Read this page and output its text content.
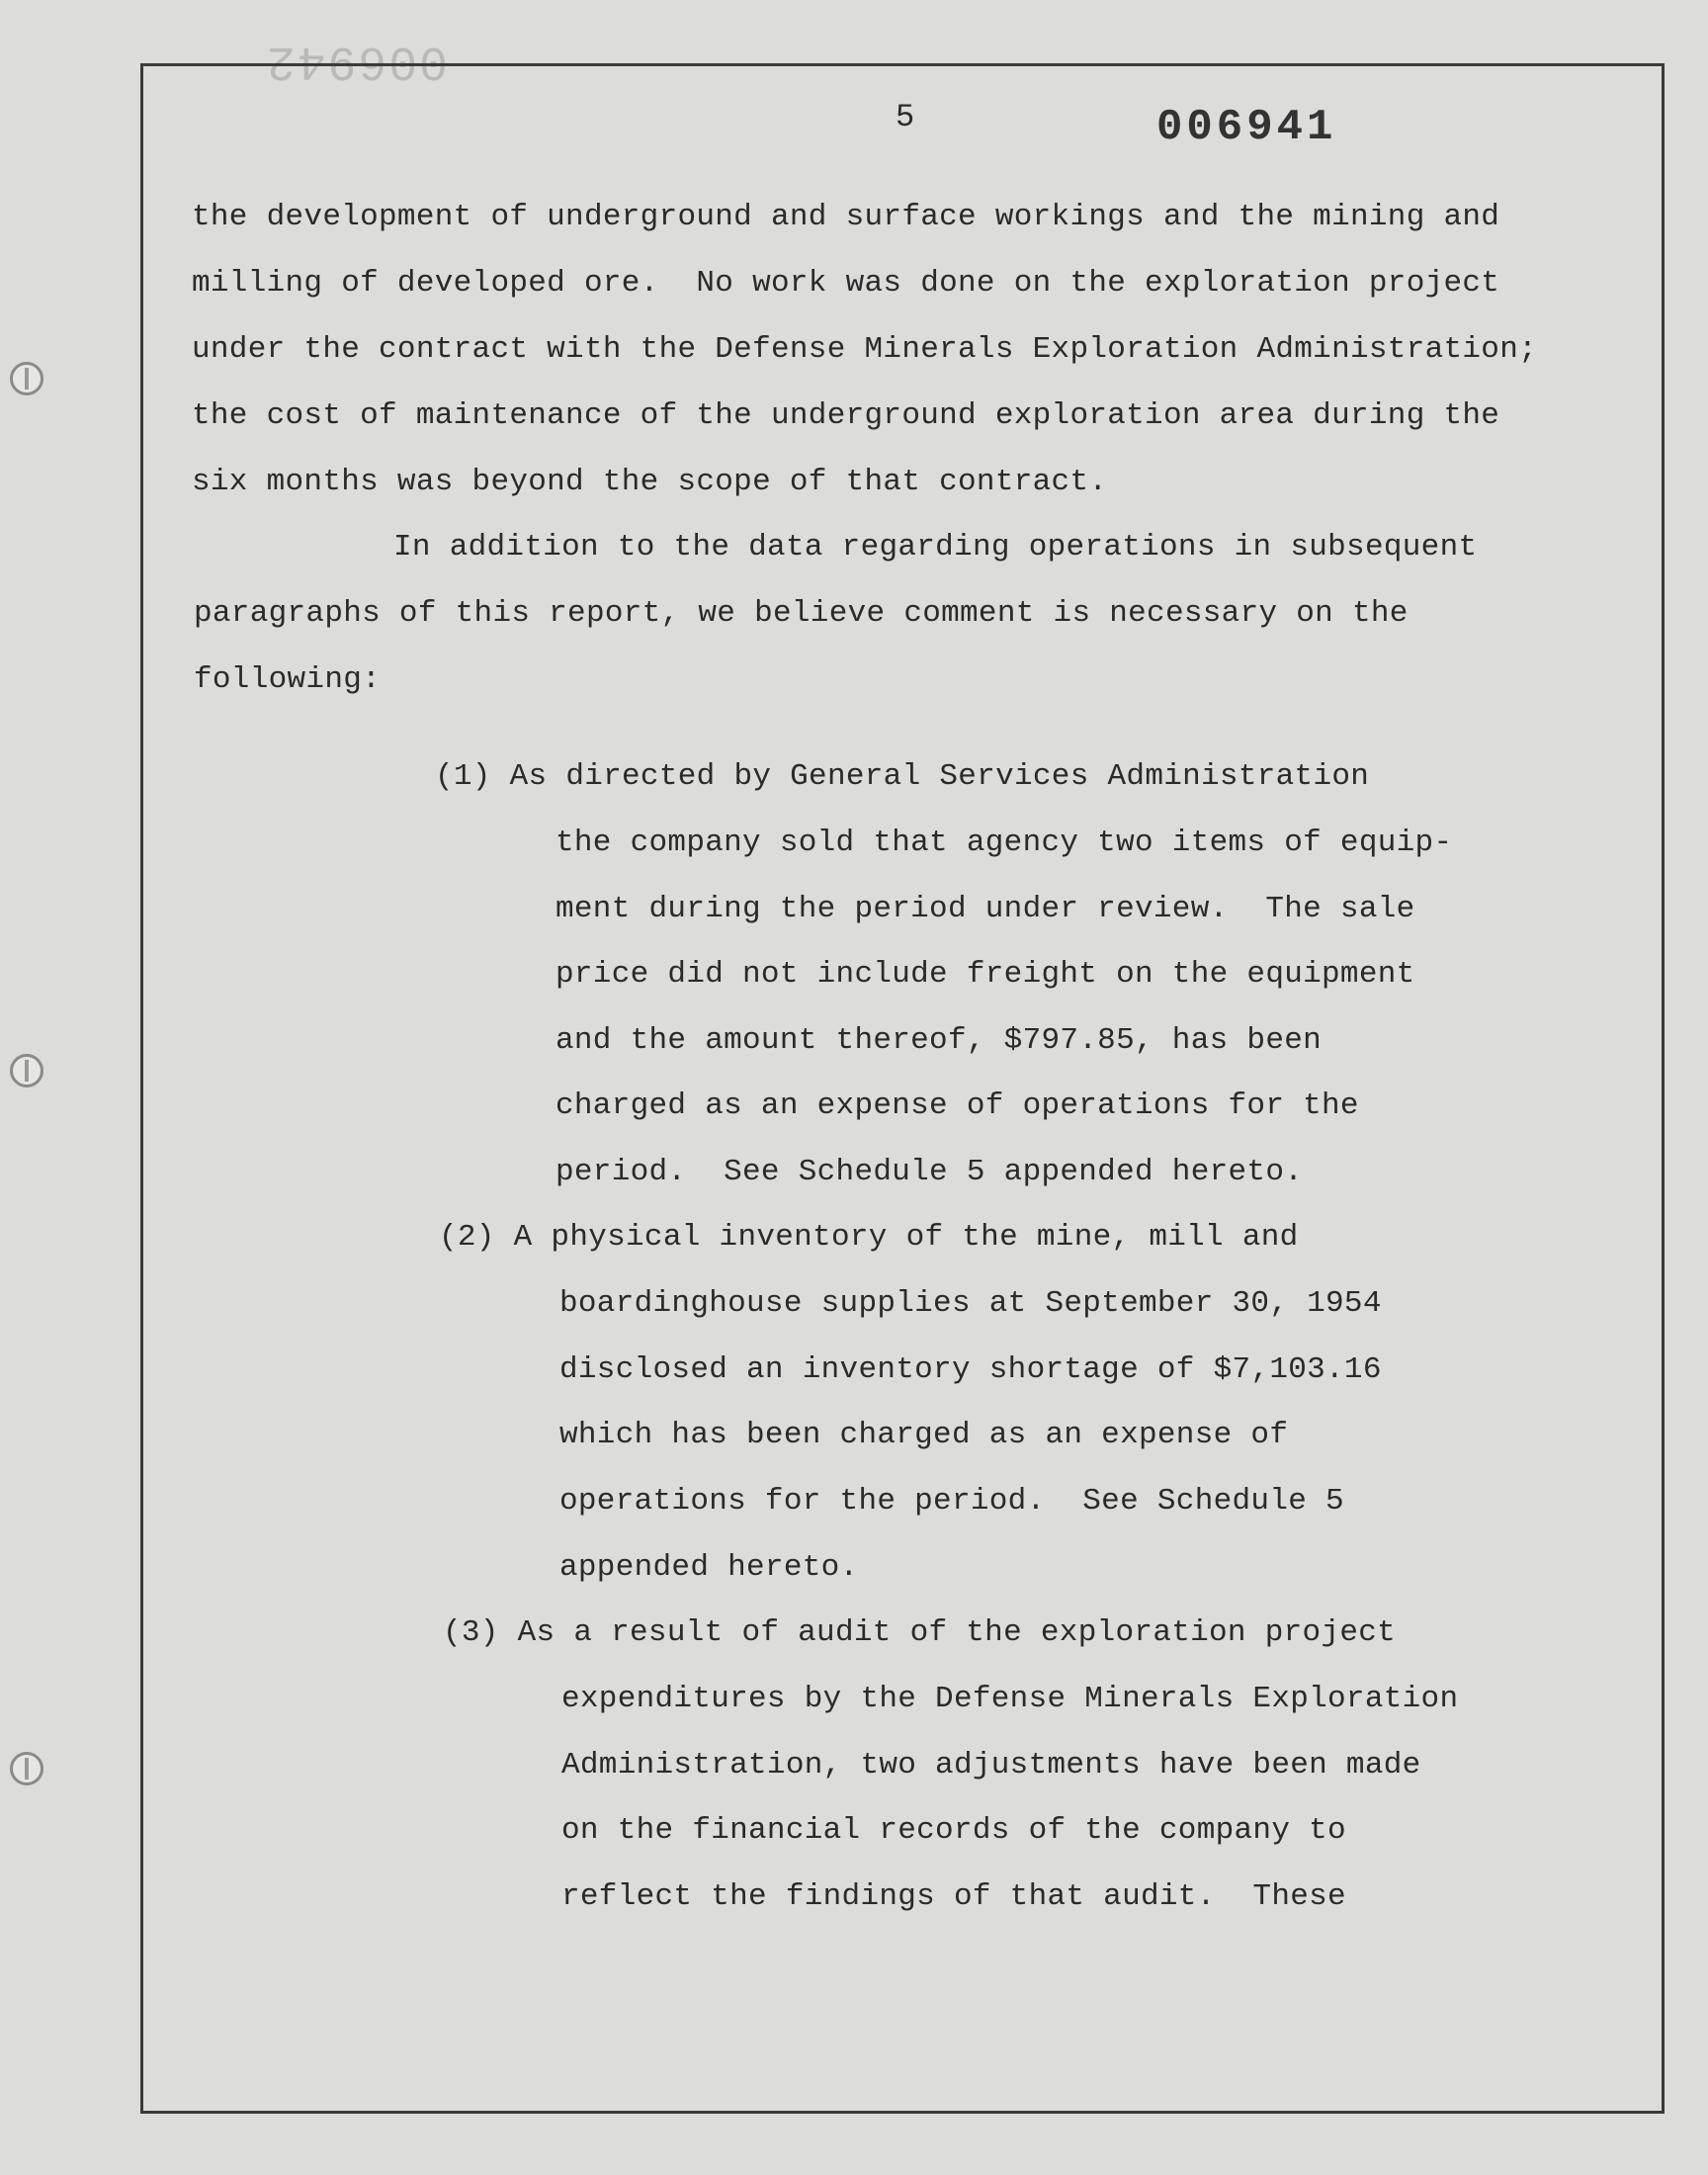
006942
5	006941
the development of underground and surface workings and the mining and
milling of developed ore.  No work was done on the exploration project
under the contract with the Defense Minerals Exploration Administration;
the cost of maintenance of the underground exploration area during the
six months was beyond the scope of that contract.
In addition to the data regarding operations in subsequent
paragraphs of this report, we believe comment is necessary on the
following:
(1) As directed by General Services Administration
the company sold that agency two items of equip-
ment during the period under review.  The sale
price did not include freight on the equipment
and the amount thereof, $797.85, has been
charged as an expense of operations for the
period.  See Schedule 5 appended hereto.
(2) A physical inventory of the mine, mill and
boardinghouse supplies at September 30, 1954
disclosed an inventory shortage of $7,103.16
which has been charged as an expense of
operations for the period.  See Schedule 5
appended hereto.
(3) As a result of audit of the exploration project
expenditures by the Defense Minerals Exploration
Administration, two adjustments have been made
on the financial records of the company to
reflect the findings of that audit.  These
